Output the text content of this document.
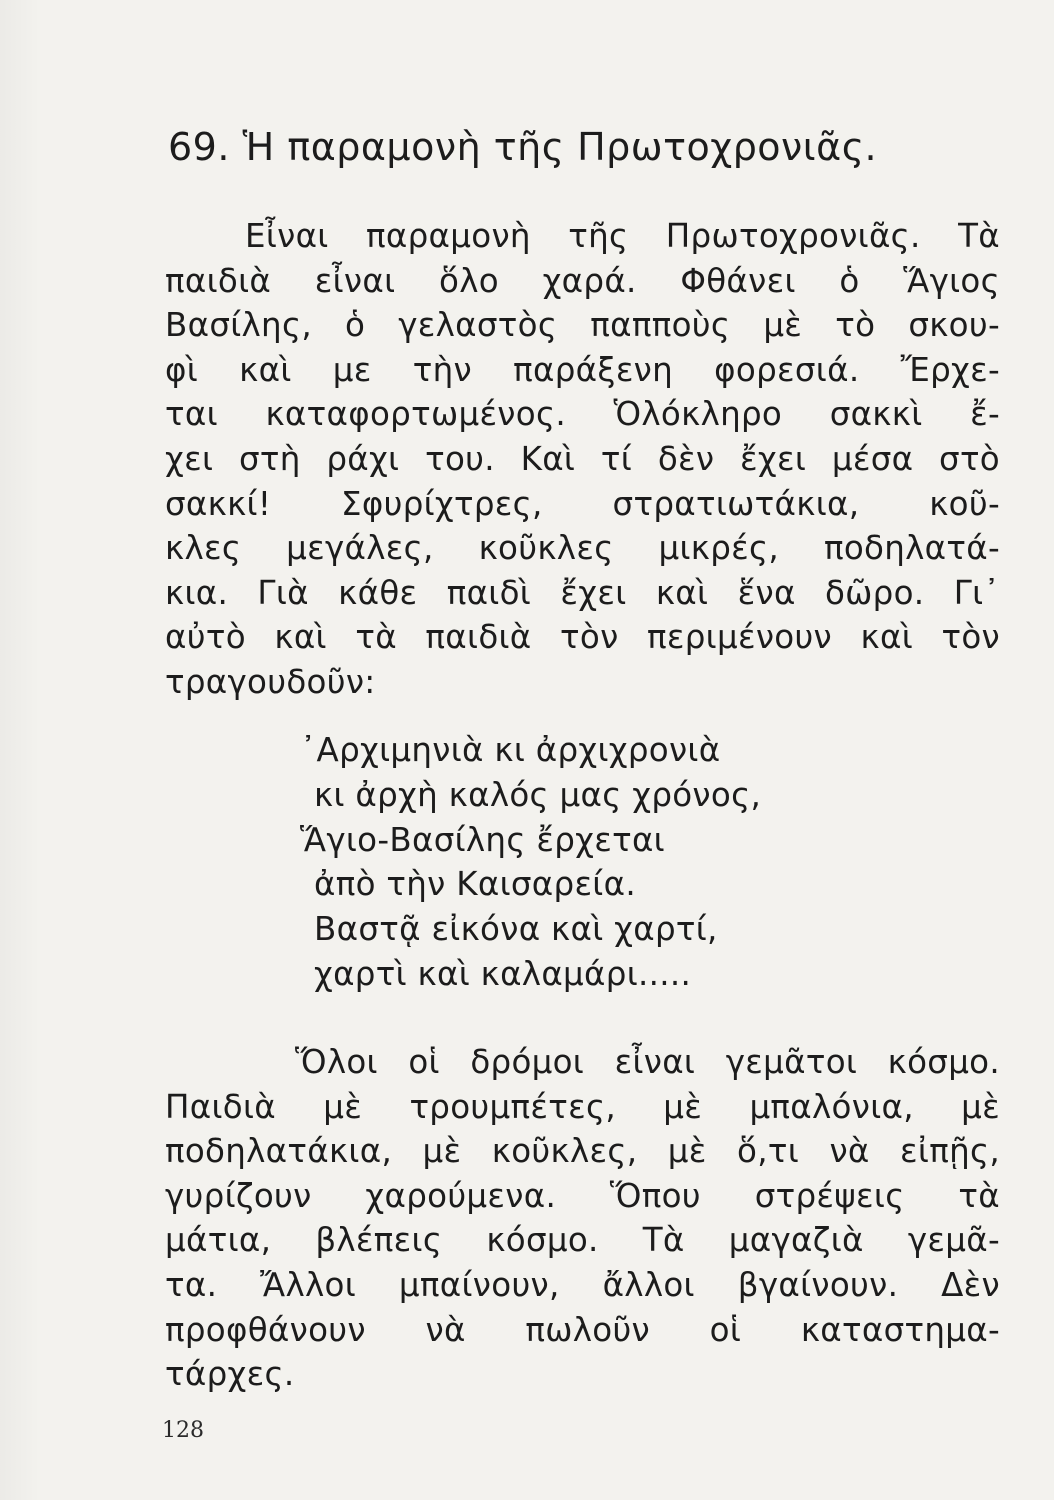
69. Ἡ παραμονὴ τῆς Πρωτοχρονιᾶς.
Εἶναι παραμονὴ τῆς Πρωτοχρονιᾶς. Τὰ
παιδιὰ εἶναι ὅλο χαρά. Φθάνει ὁ Ἅγιος
Βασίλης, ὁ γελαστὸς παπποὺς μὲ τὸ σκου-
φὶ καὶ με τὴν παράξενη φορεσιά. Ἔρχε-
ται καταφορτωμένος. Ὁλόκληρο σακκὶ ἔ-
χει στὴ ράχι του. Καὶ τί δὲν ἔχει μέσα στὸ
σακκί! Σφυρίχτρες, στρατιωτάκια, κοῦ-
κλες μεγάλες, κοῦκλες μικρές, ποδηλατά-
κια. Γιὰ κάθε παιδὶ ἔχει καὶ ἕνα δῶρο. Γι᾽
αὐτὸ καὶ τὰ παιδιὰ τὸν περιμένουν καὶ τὸν
τραγουδοῦν:
᾽Αρχιμηνιὰ κι ἀρχιχρονιὰ
κι ἀρχὴ καλός μας χρόνος,
Ἅγιο-Βασίλης ἔρχεται
ἀπὸ τὴν Καισαρεία.
Βαστᾷ εἰκόνα καὶ χαρτί,
χαρτὶ καὶ καλαμάρι.....
Ὅλοι οἱ δρόμοι εἶναι γεμᾶτοι κόσμο.
Παιδιὰ μὲ τρουμπέτες, μὲ μπαλόνια, μὲ
ποδηλατάκια, μὲ κοῦκλες, μὲ ὅ,τι νὰ εἰπῇς,
γυρίζουν χαρούμενα. Ὅπου στρέψεις τὰ
μάτια, βλέπεις κόσμο. Τὰ μαγαζιὰ γεμᾶ-
τα. Ἄλλοι μπαίνουν, ἄλλοι βγαίνουν. Δὲν
προφθάνουν νὰ πωλοῦν οἱ καταστημα-
τάρχες.
128
